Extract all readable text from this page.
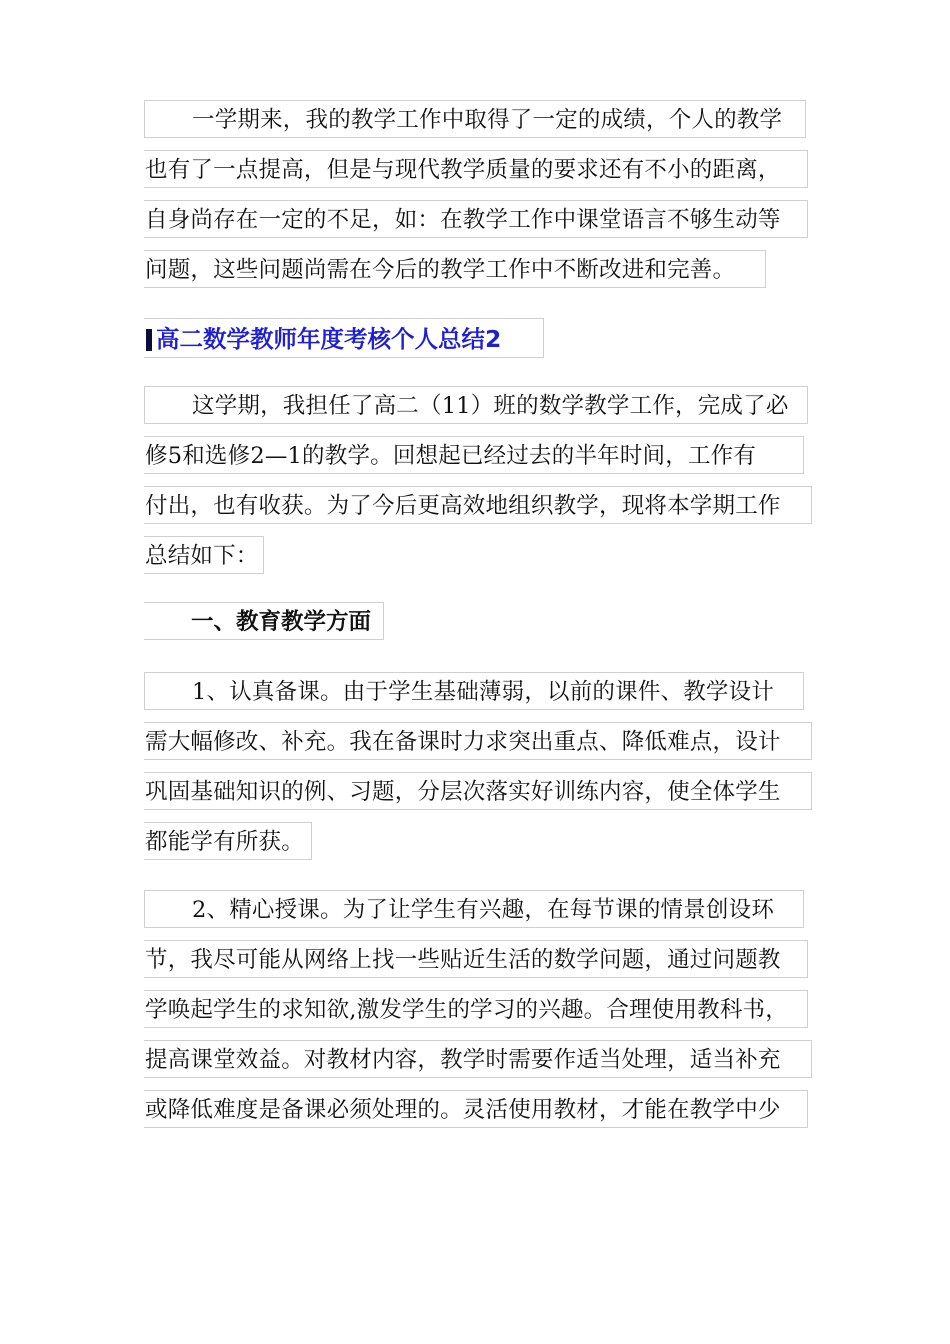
一学期来，我的教学工作中取得了一定的成绩，个人的教学
也有了一点提高，但是与现代教学质量的要求还有不小的距离，
自身尚存在一定的不足，如：在教学工作中课堂语言不够生动等
问题，这些问题尚需在今后的教学工作中不断改进和完善。
高二数学教师年度考核个人总结2
这学期，我担任了高二（11）班的数学教学工作，完成了必
修5和选修2—1的教学。回想起已经过去的半年时间，工作有
付出，也有收获。为了今后更高效地组织教学，现将本学期工作
总结如下：
一、教育教学方面
1、认真备课。由于学生基础薄弱，以前的课件、教学设计
需大幅修改、补充。我在备课时力求突出重点、降低难点，设计
巩固基础知识的例、习题，分层次落实好训练内容，使全体学生
都能学有所获。
2、精心授课。为了让学生有兴趣，在每节课的情景创设环
节，我尽可能从网络上找一些贴近生活的数学问题，通过问题教
学唤起学生的求知欲,激发学生的学习的兴趣。合理使用教科书，
提高课堂效益。对教材内容，教学时需要作适当处理，适当补充
或降低难度是备课必须处理的。灵活使用教材，才能在教学中少
